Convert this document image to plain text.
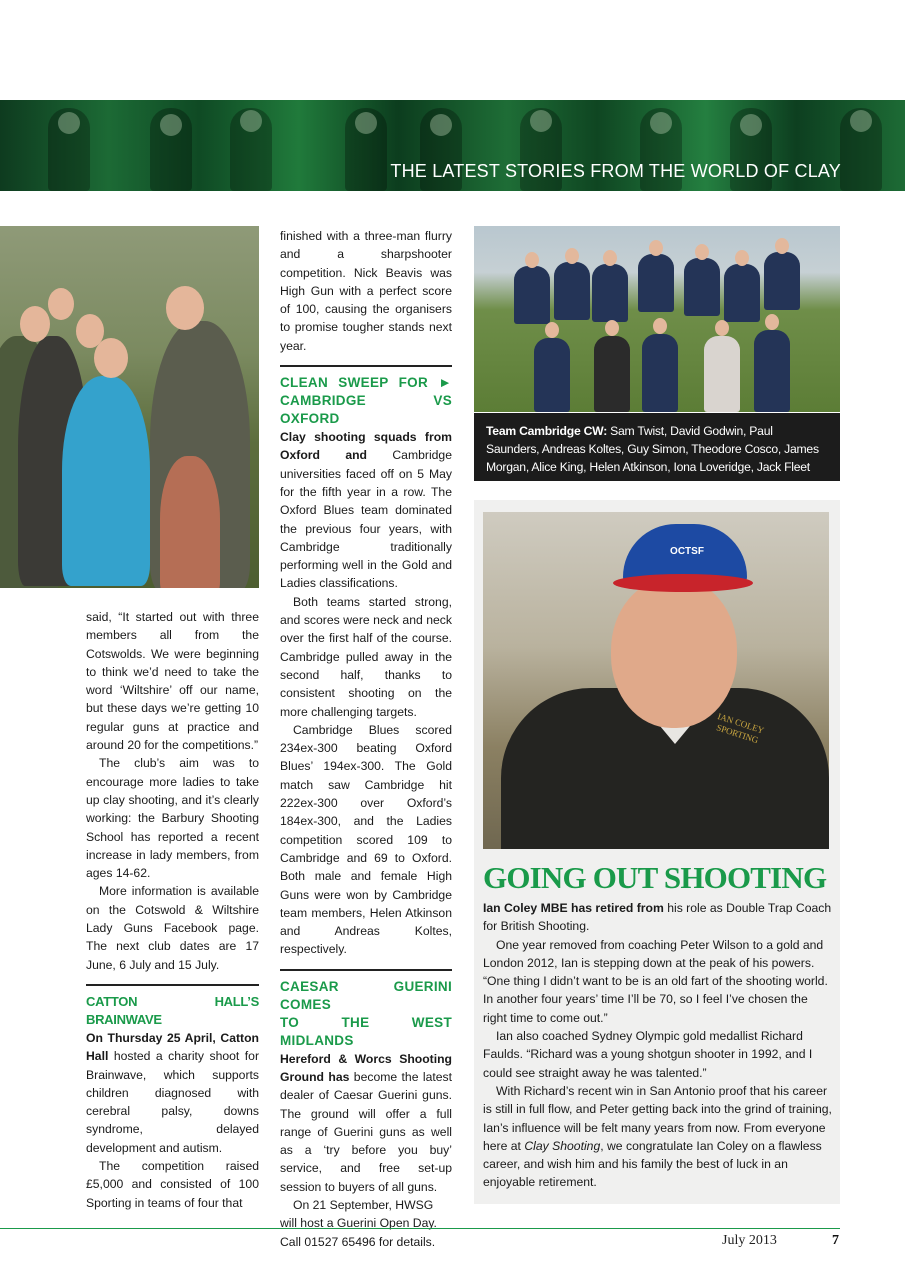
THE LATEST STORIES FROM THE WORLD OF CLAY

said, “It started out with three members all from the Cotswolds. We were beginning to think we’d need to take the word ‘Wiltshire’ off our name, but these days we’re getting 10 regular guns at practice and around 20 for the competitions.”

The club’s aim was to encourage more ladies to take up clay shooting, and it’s clearly working: the Barbury Shooting School has reported a recent increase in lady members, from ages 14-62.

More information is available on the Cotswold & Wiltshire Lady Guns Facebook page. The next club dates are 17 June, 6 July and 15 July.

CATTON HALL’S BRAINWAVE

On Thursday 25 April, Catton Hall hosted a charity shoot for Brainwave, which supports children diagnosed with cerebral palsy, downs syndrome, delayed development and autism.

The competition raised £5,000 and consisted of 100 Sporting in teams of four that

finished with a three-man flurry and a sharpshooter competition. Nick Beavis was High Gun with a perfect score of 100, causing the organisers to promise tougher stands next year.

CLEAN SWEEP FOR ►
CAMBRIDGE VS OXFORD

Clay shooting squads from Oxford and Cambridge universities faced off on 5 May for the fifth year in a row. The Oxford Blues team dominated the previous four years, with Cambridge traditionally performing well in the Gold and Ladies classifications.

Both teams started strong, and scores were neck and neck over the first half of the course. Cambridge pulled away in the second half, thanks to consistent shooting on the more challenging targets.

Cambridge Blues scored 234ex-300 beating Oxford Blues’ 194ex-300. The Gold match saw Cambridge hit 222ex-300 over Oxford’s 184ex-300, and the Ladies competition scored 109 to Cambridge and 69 to Oxford. Both male and female High Guns were won by Cambridge team members, Helen Atkinson and Andreas Koltes, respectively.

CAESAR GUERINI COMES
TO THE WEST MIDLANDS

Hereford & Worcs Shooting Ground has become the latest dealer of Caesar Guerini guns. The ground will offer a full range of Guerini guns as well as a ‘try before you buy’ service, and free set-up session to buyers of all guns.

On 21 September, HWSG will host a Guerini Open Day. Call 01527 65496 for details.

Team Cambridge CW: Sam Twist, David Godwin, Paul Saunders, Andreas Koltes, Guy Simon, Theodore Cosco, James Morgan, Alice King, Helen Atkinson, Iona Loveridge, Jack Fleet
IAN COLEY SPORTING
OCTSF
GOING OUT SHOOTING

Ian Coley MBE has retired from his role as Double Trap Coach for British Shooting.

One year removed from coaching Peter Wilson to a gold and London 2012, Ian is stepping down at the peak of his powers. “One thing I didn’t want to be is an old fart of the shooting world. In another four years’ time I’ll be 70, so I feel I’ve chosen the right time to come out.”

Ian also coached Sydney Olympic gold medallist Richard Faulds. “Richard was a young shotgun shooter in 1992, and I could see straight away he was talented.”

With Richard’s recent win in San Antonio proof that his career is still in full flow, and Peter getting back into the grind of training, Ian’s influence will be felt many years from now. From everyone here at Clay Shooting, we congratulate Ian Coley on a flawless career, and wish him and his family the best of luck in an enjoyable retirement.

July 2013	7
